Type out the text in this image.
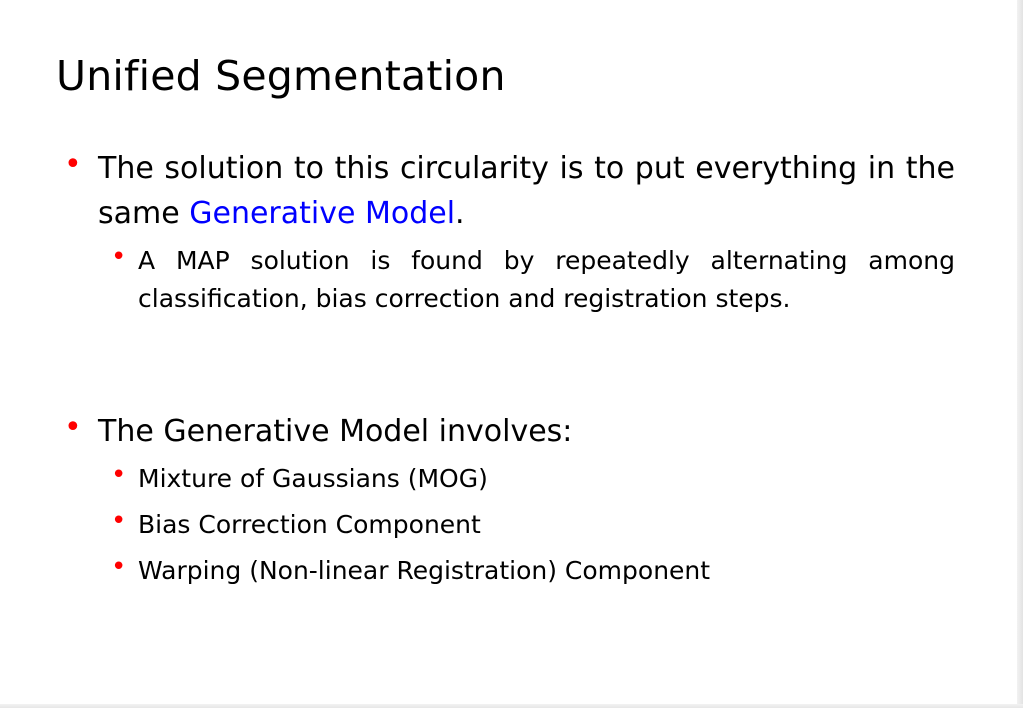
Unified Segmentation

• The solution to this circularity is to put everything in the same Generative Model.

• A MAP solution is found by repeatedly alternating among classification, bias correction and registration steps.

• The Generative Model involves:

• Mixture of Gaussians (MOG)

• Bias Correction Component

• Warping (Non-linear Registration) Component
